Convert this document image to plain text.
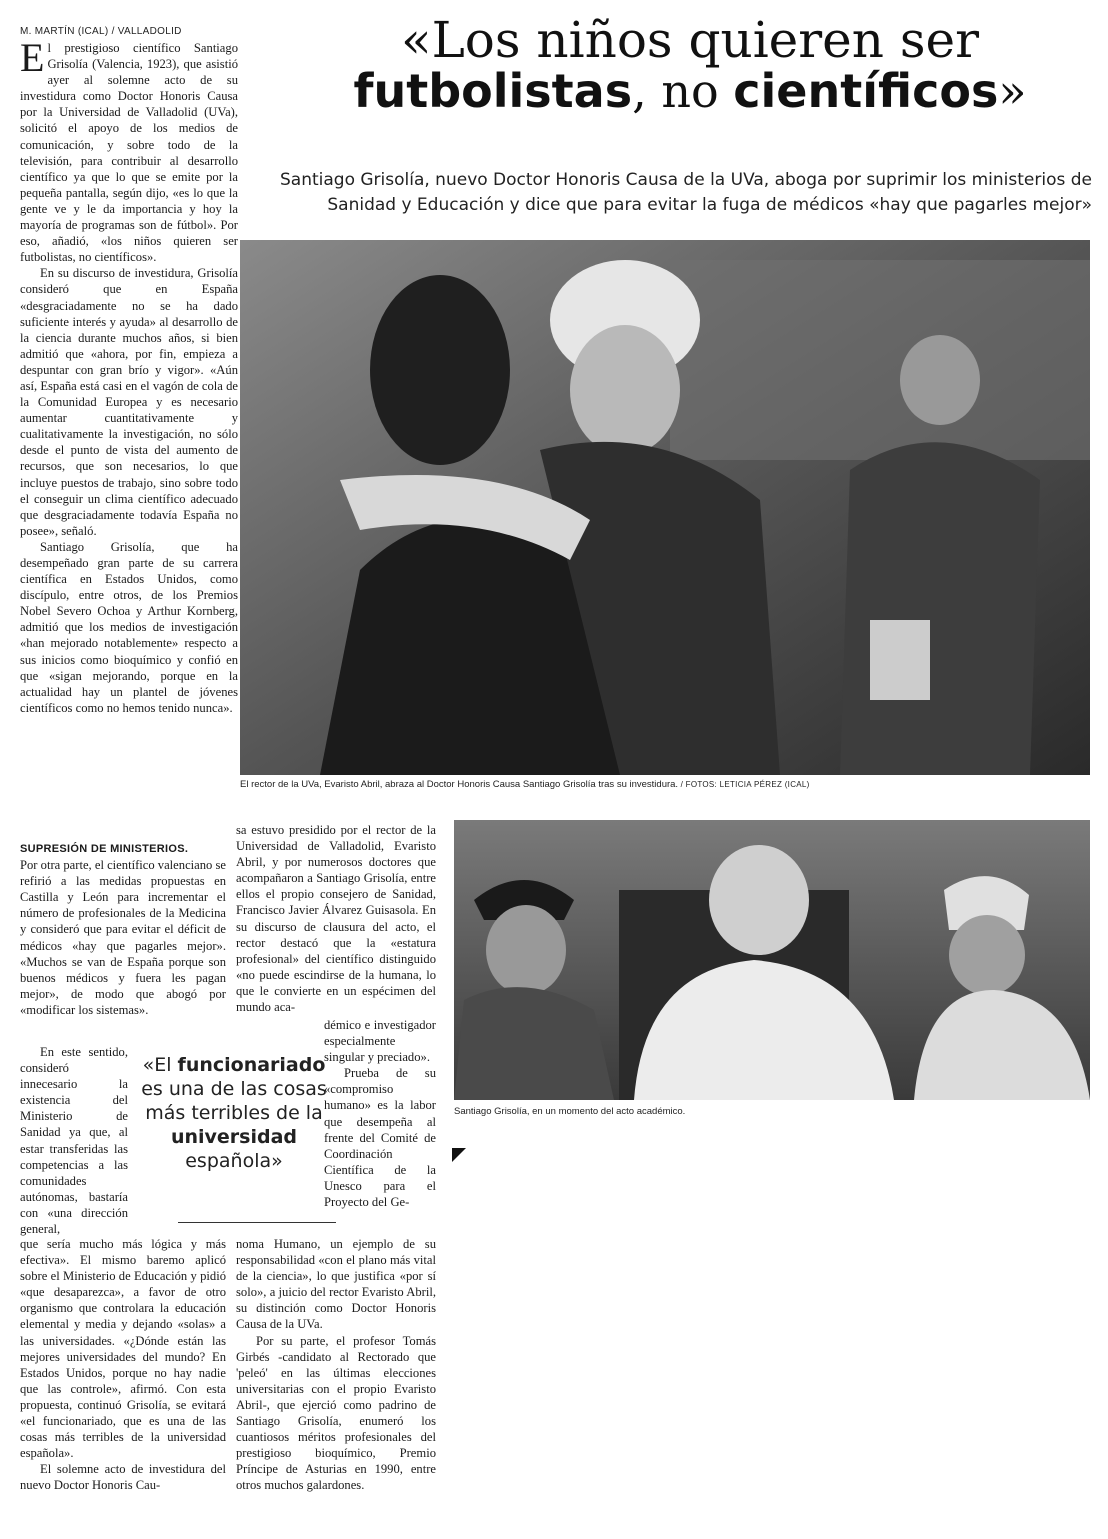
M. MARTÍN (ICAL) / VALLADOLID	«Los niños quieren ser
futbolistas, no científicos»
Santiago Grisolía, nuevo Doctor Honoris Causa de la UVa, aboga por suprimir los ministerios de Sanidad y Educación y dice que para evitar la fuga de médicos «hay que pagarles mejor»

El prestigioso científico Santiago Grisolía (Valencia, 1923), que asistió ayer al solemne acto de su investidura como Doctor Honoris Causa por la Universidad de Valladolid (UVa), solicitó el apoyo de los medios de comunicación, y sobre todo de la televisión, para contribuir al desarrollo científico ya que lo que se emite por la pequeña pantalla, según dijo, «es lo que la gente ve y le da importancia y hoy la mayoría de programas son de fútbol». Por eso, añadió, «los niños quieren ser futbolistas, no científicos».

En su discurso de investidura, Grisolía consideró que en España «desgraciadamente no se ha dado suficiente interés y ayuda» al desarrollo de la ciencia durante muchos años, si bien admitió que «ahora, por fin, empieza a despuntar con gran brío y vigor». «Aún así, España está casi en el vagón de cola de la Comunidad Europea y es necesario aumentar cuantitativamente y cualitativamente la investigación, no sólo desde el punto de vista del aumento de recursos, que son necesarios, lo que incluye puestos de trabajo, sino sobre todo el conseguir un clima científico adecuado que desgraciadamente todavía España no posee», señaló.

Santiago Grisolía, que ha desempeñado gran parte de su carrera científica en Estados Unidos, como discípulo, entre otros, de los Premios Nobel Severo Ochoa y Arthur Kornberg, admitió que los medios de investigación «han mejorado notablemente» respecto a sus inicios como bioquímico y confió en que «sigan mejorando, porque en la actualidad hay un plantel de jóvenes científicos como no hemos tenido nunca».

SUPRESIÓN DE MINISTERIOS.
Por otra parte, el científico valenciano se refirió a las medidas propuestas en Castilla y León para incrementar el número de profesionales de la Medicina y consideró que para evitar el déficit de médicos «hay que pagarles mejor». «Muchos se van de España porque son buenos médicos y fuera les pagan mejor», de modo que abogó por «modificar los sistemas».

En este sentido, consideró innecesario la existencia del Ministerio de Sanidad ya que, al estar transferidas las competencias a las comunidades autónomas, bastaría con «una dirección general,

que sería mucho más lógica y más efectiva». El mismo baremo aplicó sobre el Ministerio de Educación y pidió «que desaparezca», a favor de otro organismo que controlara la educación elemental y media y dejando «solas» a las universidades. «¿Dónde están las mejores universidades del mundo? En Estados Unidos, porque no hay nadie que las controle», afirmó. Con esta propuesta, continuó Grisolía, se evitará «el funcionariado, que es una de las cosas más terribles de la universidad española».

El solemne acto de investidura del nuevo Doctor Honoris Cau-

«El funcionariado es una de las cosas más terribles de la universidad española»

sa estuvo presidido por el rector de la Universidad de Valladolid, Evaristo Abril, y por numerosos doctores que acompañaron a Santiago Grisolía, entre ellos el propio consejero de Sanidad, Francisco Javier Álvarez Guisasola. En su discurso de clausura del acto, el rector destacó que la «estatura profesional» del científico distinguido «no puede escindirse de la humana, lo que le convierte en un espécimen del mundo aca-

démico e investigador especialmente singular y preciado».

Prueba de su «compromiso humano» es la labor que desempeña al frente del Comité de Coordinación Científica de la Unesco para el Proyecto del Ge-

noma Humano, un ejemplo de su responsabilidad «con el plano más vital de la ciencia», lo que justifica «por sí solo», a juicio del rector Evaristo Abril, su distinción como Doctor Honoris Causa de la UVa.

Por su parte, el profesor Tomás Girbés -candidato al Rectorado que 'peleó' en las últimas elecciones universitarias con el propio Evaristo Abril-, que ejerció como padrino de Santiago Grisolía, enumeró los cuantiosos méritos profesionales del prestigioso bioquímico, Premio Príncipe de Asturias en 1990, entre otros muchos galardones.

El rector de la UVa, Evaristo Abril, abraza al Doctor Honoris Causa Santiago Grisolía tras su investidura. / FOTOS: LETICIA PÉREZ (ICAL)
Santiago Grisolía, en un momento del acto académico.
